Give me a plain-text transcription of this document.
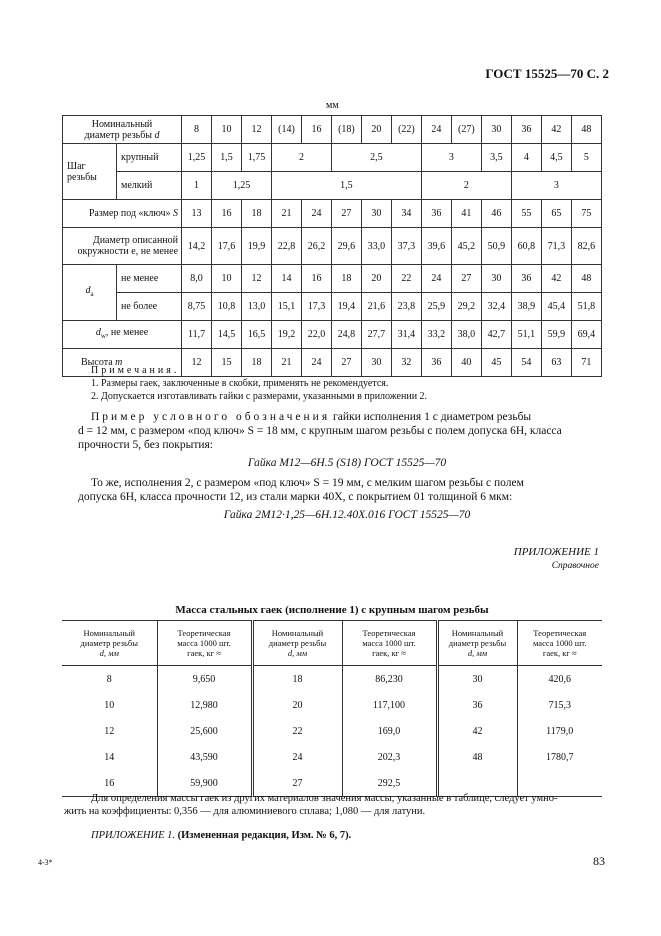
ГОСТ 15525—70 С. 2
мм
Номинальный
диаметр резьбы d		8	10	12	(14)	16	(18)	20	(22)	24	(27)	30	36	42	48
Шаг
резьбы	крупный	1,25	1,5	1,75	2		2,5			3		3,5	4	4,5	5
	мелкий	1	1,25		1,5					2			3		
Размер под «ключ» S		13	16	18	21	24	27	30	34	36	41	46	55	65	75
Диаметр описанной
окружности e, не менее		14,2	17,6	19,9	22,8	26,2	29,6	33,0	37,3	39,6	45,2	50,9	60,8	71,3	82,6
$d_a$	не менее	8,0	10	12	14	16	18	20	22	24	27	30	36	42	48
	не более	8,75	10,8	13,0	15,1	17,3	19,4	21,6	23,8	25,9	29,2	32,4	38,9	45,4	51,8
$d_w$, не менее		11,7	14,5	16,5	19,2	22,0	24,8	27,7	31,4	33,2	38,0	42,7	51,1	59,9	69,4
Высота m		12	15	18	21	24	27	30	32	36	40	45	54	63	71
Примечания.
1. Размеры гаек, заключенные в скобки, применять не рекомендуется.
2. Допускается изготавливать гайки с размерами, указанными в приложении 2.
Пример условного обозначения гайки исполнения 1 с диаметром резьбы
d = 12 мм, с размером «под ключ» S = 18 мм, с крупным шагом резьбы с полем допуска 6Н, класса
прочности 5, без покрытия:
Гайка М12—6Н.5 (S18) ГОСТ 15525—70
То же, исполнения 2, с размером «под ключ» S = 19 мм, с мелким шагом резьбы с полем
допуска 6Н, класса прочности 12, из стали марки 40Х, с покрытием 01 толщиной 6 мкм:
Гайка 2М12·1,25—6Н.12.40Х.016 ГОСТ 15525—70
ПРИЛОЖЕНИЕ 1
Справочное
Масса стальных гаек (исполнение 1) с крупным шагом резьбы
Номинальный
диаметр резьбы
d, мм	Теоретическая
масса 1000 шт.
гаек, кг ≈	Номинальный
диаметр резьбы
d, мм	Теоретическая
масса 1000 шт.
гаек, кг ≈	Номинальный
диаметр резьбы
d, мм	Теоретическая
масса 1000 шт.
гаек, кг ≈
8	9,650	18	86,230	30	420,6
10	12,980	20	117,100	36	715,3
12	25,600	22	169,0	42	1179,0
14	43,590	24	202,3	48	1780,7
16	59,900	27	292,5		
Для определения массы гаек из других материалов значения массы, указанные в таблице, следует умно-
жить на коэффициенты: 0,356 — для алюминиевого сплава; 1,080 — для латуни.
ПРИЛОЖЕНИЕ 1. (Измененная редакция, Изм. № 6, 7).
4-3*	83
